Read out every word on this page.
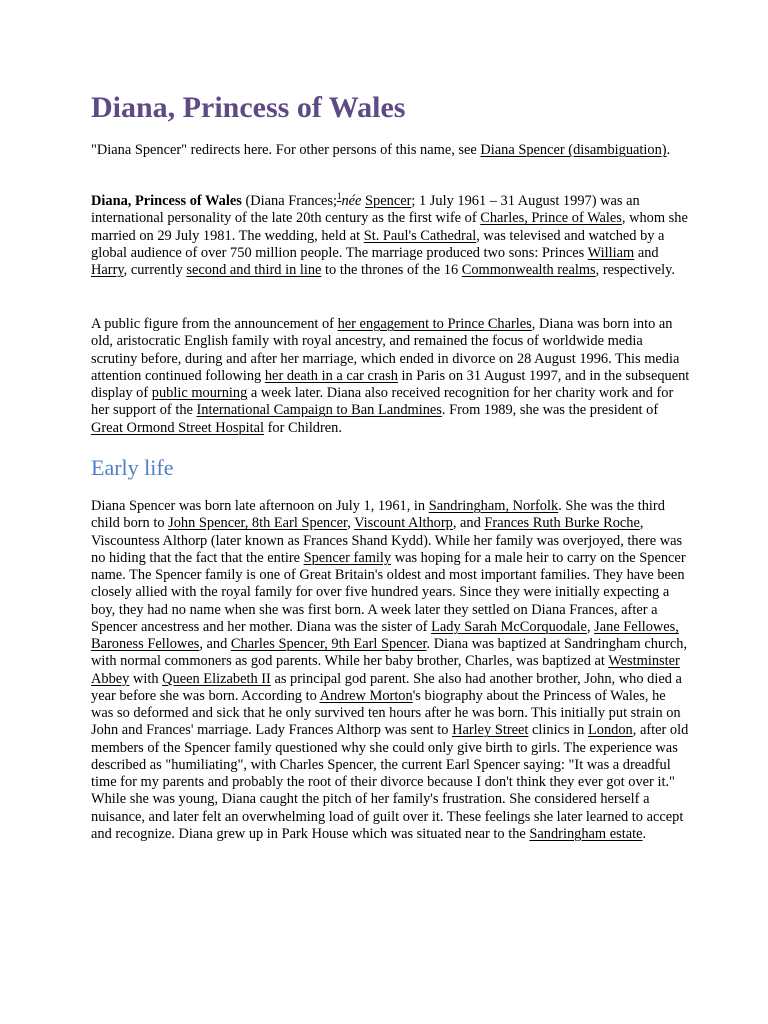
Diana, Princess of Wales

"Diana Spencer" redirects here. For other persons of this name, see Diana Spencer (disambiguation).

Diana, Princess of Wales (Diana Frances;$^1$née Spencer; 1 July 1961 – 31 August 1997) was an international personality of the late 20th century as the first wife of Charles, Prince of Wales, whom she married on 29 July 1981. The wedding, held at St. Paul's Cathedral, was televised and watched by a global audience of over 750 million people. The marriage produced two sons: Princes William and Harry, currently second and third in line to the thrones of the 16 Commonwealth realms, respectively.

A public figure from the announcement of her engagement to Prince Charles, Diana was born into an old, aristocratic English family with royal ancestry, and remained the focus of worldwide media scrutiny before, during and after her marriage, which ended in divorce on 28 August 1996. This media attention continued following her death in a car crash in Paris on 31 August 1997, and in the subsequent display of public mourning a week later. Diana also received recognition for her charity work and for her support of the International Campaign to Ban Landmines. From 1989, she was the president of Great Ormond Street Hospital for Children.

Early life

Diana Spencer was born late afternoon on July 1, 1961, in Sandringham, Norfolk. She was the third child born to John Spencer, 8th Earl Spencer, Viscount Althorp, and Frances Ruth Burke Roche, Viscountess Althorp (later known as Frances Shand Kydd). While her family was overjoyed, there was no hiding that the fact that the entire Spencer family was hoping for a male heir to carry on the Spencer name. The Spencer family is one of Great Britain's oldest and most important families. They have been closely allied with the royal family for over five hundred years. Since they were initially expecting a boy, they had no name when she was first born. A week later they settled on Diana Frances, after a Spencer ancestress and her mother. Diana was the sister of Lady Sarah McCorquodale, Jane Fellowes, Baroness Fellowes, and Charles Spencer, 9th Earl Spencer. Diana was baptized at Sandringham church, with normal commoners as god parents. While her baby brother, Charles, was baptized at Westminster Abbey with Queen Elizabeth II as principal god parent. She also had another brother, John, who died a year before she was born. According to Andrew Morton's biography about the Princess of Wales, he was so deformed and sick that he only survived ten hours after he was born. This initially put strain on John and Frances' marriage. Lady Frances Althorp was sent to Harley Street clinics in London, after old members of the Spencer family questioned why she could only give birth to girls. The experience was described as "humiliating", with Charles Spencer, the current Earl Spencer saying: "It was a dreadful time for my parents and probably the root of their divorce because I don't think they ever got over it." While she was young, Diana caught the pitch of her family's frustration. She considered herself a nuisance, and later felt an overwhelming load of guilt over it. These feelings she later learned to accept and recognize. Diana grew up in Park House which was situated near to the Sandringham estate.
